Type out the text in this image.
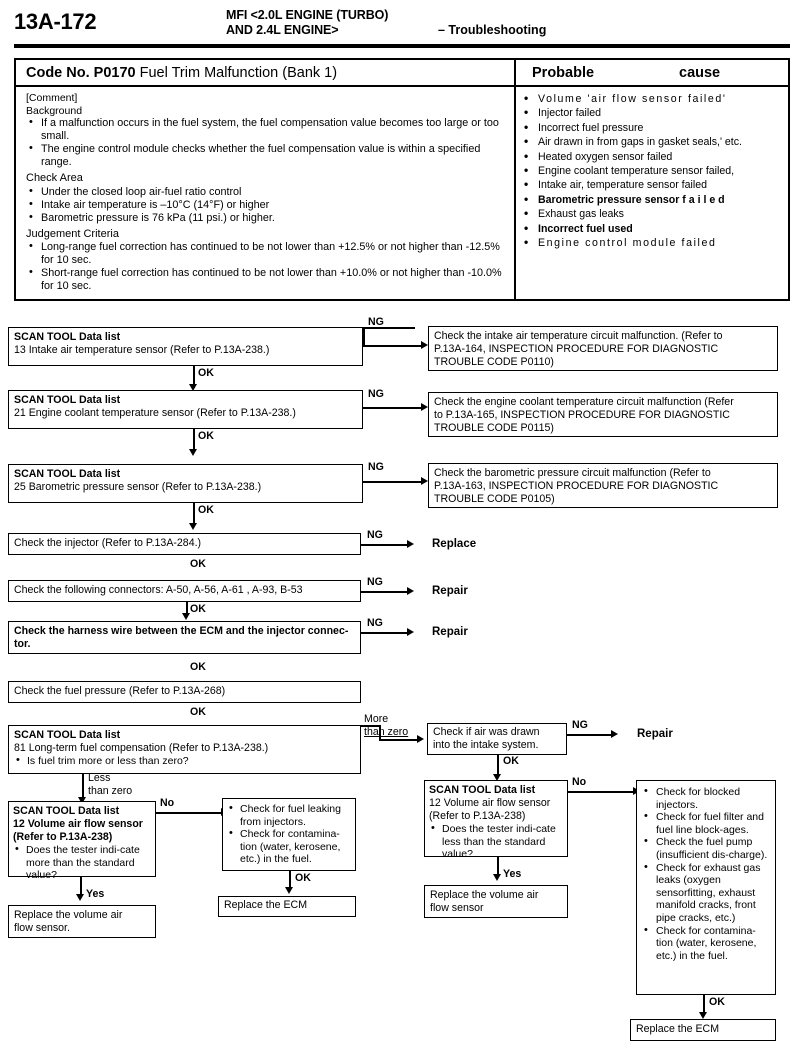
13A-172	MFI <2.0L ENGINE (TURBO)
AND 2.4L ENGINE>	– Troubleshooting
Code No. P0170 Fuel Trim Malfunction (Bank 1)	Probable	cause
[Comment]
Background
• If a malfunction occurs in the fuel system, the fuel compensation value becomes too large or too small.
• The engine control module checks whether the fuel compensation value is within a specified range.
Check Area
• Under the closed loop air-fuel ratio control
• Intake air temperature is –10°C (14°F) or higher
• Barometric pressure is 76 kPa (11 psi.) or higher.
Judgement Criteria
• Long-range fuel correction has continued to be not lower than +12.5% or not higher than -12.5% for 10 sec.
• Short-range fuel correction has continued to be not lower than +10.0% or not higher than -10.0% for 10 sec.
• Volume 'air flow sensor failed'
• Injector failed
• Incorrect fuel pressure
• Air drawn in from gaps in gasket seals,' etc.
• Heated oxygen sensor failed
• Engine coolant temperature sensor failed,
• Intake air, temperature sensor failed
• Barometric pressure sensor f a i l e d
• Exhaust gas leaks
• Incorrect fuel used
• Engine control module failed
SCAN TOOL Data list
13 Intake air temperature sensor (Refer to P.13A-238.)
NG
OK
Check the intake air temperature circuit malfunction. (Refer to
P.13A-164, INSPECTION PROCEDURE FOR DIAGNOSTIC
TROUBLE CODE P0110)
SCAN TOOL Data list
21 Engine coolant temperature sensor (Refer to P.13A-238.)
NG
OK
Check the engine coolant temperature circuit malfunction (Refer
to P.13A-165, INSPECTION PROCEDURE FOR DIAGNOSTIC
TROUBLE CODE P0115)
SCAN TOOL Data list
25 Barometric pressure sensor (Refer to P.13A-238.)
NG
OK
Check the barometric pressure circuit malfunction (Refer to
P.13A-163, INSPECTION PROCEDURE FOR DIAGNOSTIC
TROUBLE CODE P0105)
Check the injector (Refer to P.13A-284.)
NG
Replace
OK
Check the following connectors: A-50, A-56, A-61 , A-93, B-53
NG
Repair
OK
Check the harness wire between the ECM and the injector connec-
tor.
NG
Repair
OK
Check the fuel pressure (Refer to P.13A-268)
OK
SCAN TOOL Data list
81 Long-term fuel compensation (Refer to P.13A-238.)
• Is fuel trim more or less than zero?
More
than zero
Less
than zero
SCAN TOOL Data list
12 Volume air flow sensor
(Refer to P.13A-238)
• Does the tester indi-cate more than the standard value?
No
Yes
Replace the volume air
flow sensor.
• Check for fuel leaking from injectors.
• Check for contamina-tion (water, kerosene, etc.) in the fuel.
OK
Replace the ECM
Check if air was drawn
into the intake system.
NG
Repair
OK
SCAN TOOL Data list
12 Volume air flow sensor
(Refer to P.13A-238)
• Does the tester indi-cate less than the standard value?
No
Yes
Replace the volume air
flow sensor
• Check for blocked injectors.
• Check for fuel filter and fuel line block-ages.
• Check the fuel pump (insufficient dis-charge).
• Check for exhaust gas leaks (oxygen sensorfitting, exhaust manifold cracks, front pipe cracks, etc.)
• Check for contamina-tion (water, kerosene, etc.) in the fuel.
OK
Replace the ECM
